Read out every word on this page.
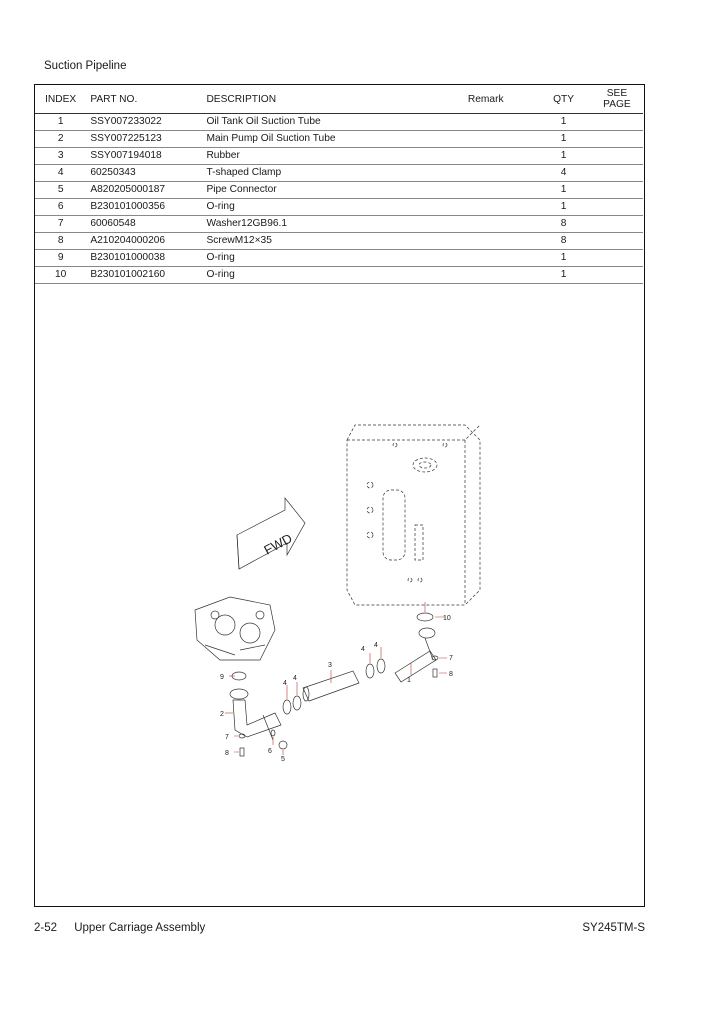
Suction Pipeline
INDEX	PART NO.	DESCRIPTION	Remark	QTY	SEE
PAGE
1	SSY007233022	Oil Tank Oil Suction Tube		1	
2	SSY007225123	Main Pump Oil Suction Tube		1	
3	SSY007194018	Rubber		1	
4	60250343	T-shaped Clamp		4	
5	A820205000187	Pipe Connector		1	
6	B230101000356	O-ring		1	
7	60060548	Washer12GB96.1		8	
8	A210204000206	ScrewM12×35		8	
9	B230101000038	O-ring		1	
10	B230101002160	O-ring		1	
10
1
3
4
4
4
4
7
8
9
2
7
8	6
5
FWD
2-52 Upper Carriage Assembly	SY245TM-S
